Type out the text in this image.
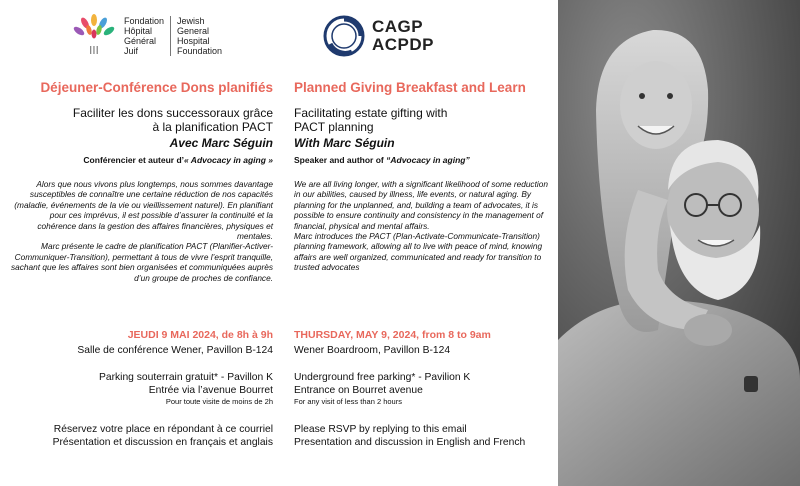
Fondation
Hôpital
Général
Juif
Jewish
General
Hospital
Foundation
CAGP
ACPDP
Déjeuner-Conférence Dons planifiés
Faciliter les dons successoraux grâce
à la planification PACT
Avec Marc Séguin
Conférencier et auteur d’« Advocacy in aging »
Alors que nous vivons plus longtemps, nous sommes davantage susceptibles de connaître une certaine réduction de nos capacités (maladie, événements de la vie ou vieillissement naturel). En planifiant pour ces imprévus, il est possible d’assurer la continuité et la cohérence dans la gestion des affaires financières, physiques et mentales.
Marc présente le cadre de planification PACT (Planifier-Activer-Communiquer-Transition), permettant à tous de vivre l’esprit tranquille, sachant que les affaires sont bien organisées et communiquées auprès d’un groupe de proches de confiance.
Planned Giving Breakfast and Learn
Facilitating estate gifting with
PACT planning
With Marc Séguin
Speaker and author of “Advocacy in aging”
We are all living longer, with a significant likelihood of some reduction in our abilities, caused by illness, life events, or natural aging. By planning for the unplanned, and, building a team of advocates, it is possible to ensure continuity and consistency in the management of financial, physical and mental affairs.
Marc introduces the PACT (Plan-Activate-Communicate-Transition) planning framework, allowing all to live with peace of mind, knowing affairs are well organized, communicated and ready for transition to trusted advocates
JEUDI 9 MAI 2024, de 8h à 9h
Salle de conférence Wener, Pavillon B-124
Parking souterrain gratuit* - Pavillon K
Entrée via l’avenue Bourret
Pour toute visite de moins de 2h
Réservez votre place en répondant à ce courriel
Présentation et discussion en français et anglais
THURSDAY, MAY 9, 2024, from 8 to 9am
Wener Boardroom, Pavillon B-124
Underground free parking* - Pavilion K
Entrance on Bourret avenue
For any visit of less than 2 hours
Please RSVP by replying to this email
Presentation and discussion in English and French
